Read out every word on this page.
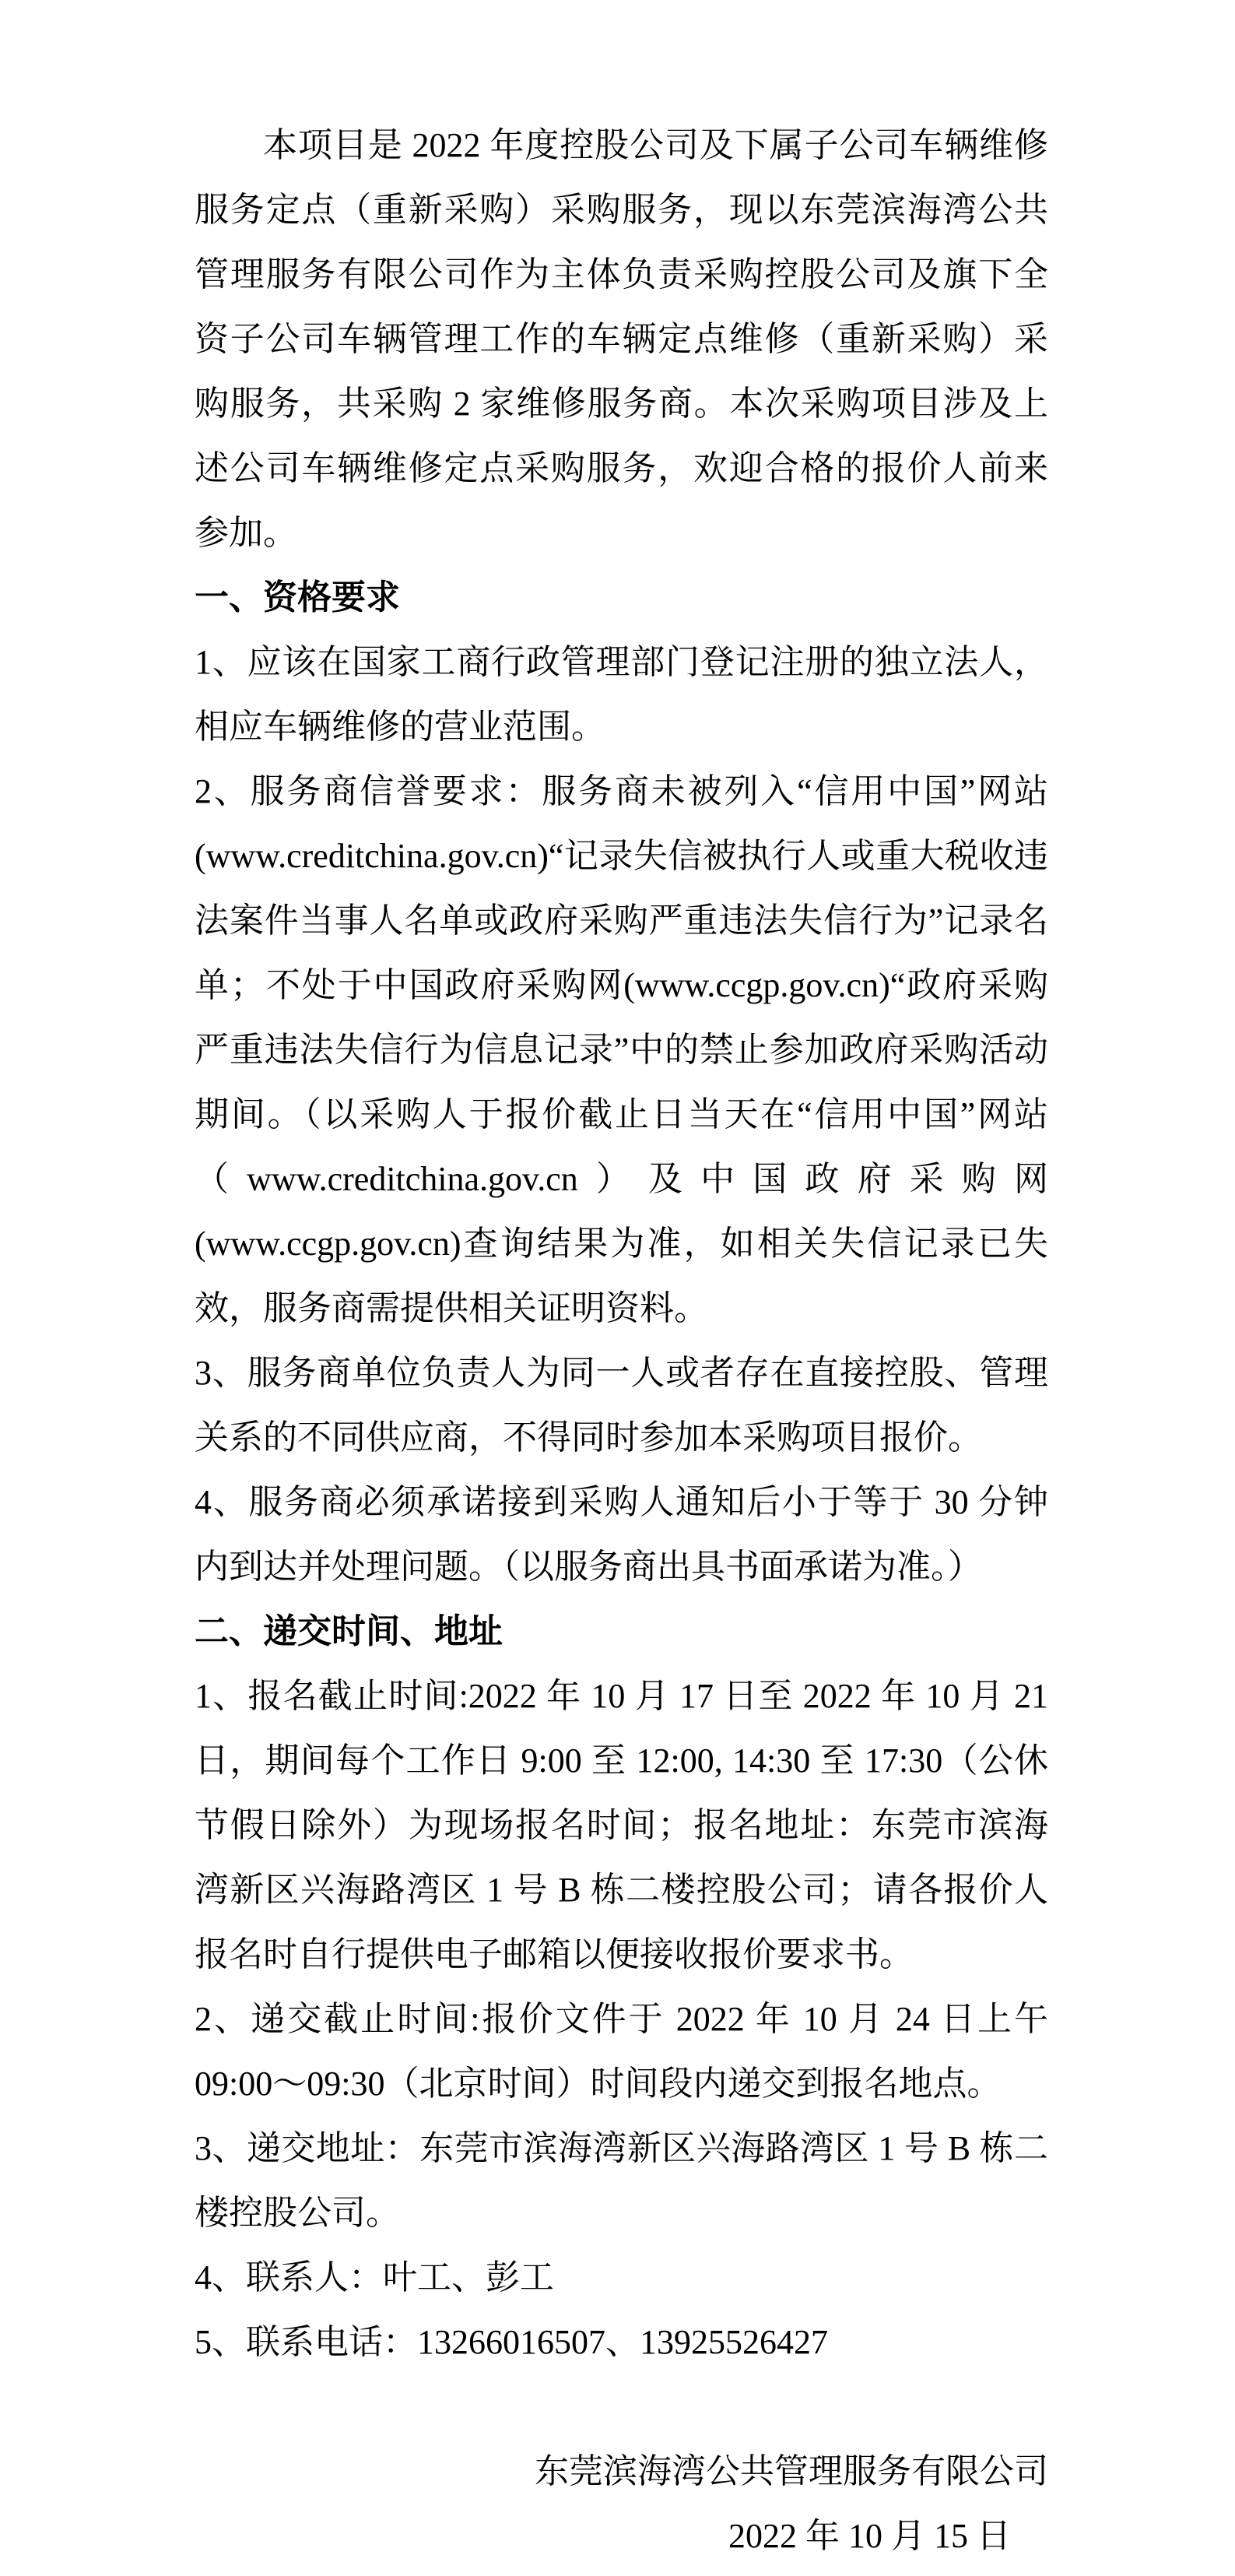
本项目是 2022 年度控股公司及下属子公司车辆维修服务定点（重新采购）采购服务，现以东莞滨海湾公共管理服务有限公司作为主体负责采购控股公司及旗下全资子公司车辆管理工作的车辆定点维修（重新采购）采购服务，共采购 2 家维修服务商。本次采购项目涉及上述公司车辆维修定点采购服务，欢迎合格的报价人前来参加。

一、资格要求

1、应该在国家工商行政管理部门登记注册的独立法人，相应车辆维修的营业范围。

2、服务商信誉要求：服务商未被列入“信用中国”网站(www.creditchina.gov.cn)“记录失信被执行人或重大税收违法案件当事人名单或政府采购严重违法失信行为”记录名单；不处于中国政府采购网(www.ccgp.gov.cn)“政府采购严重违法失信行为信息记录”中的禁止参加政府采购活动期间。（以采购人于报价截止日当天在“信用中国”网站（www.creditchina.gov.cn）及中国政府采购网(www.ccgp.gov.cn)查询结果为准，如相关失信记录已失效，服务商需提供相关证明资料。

3、服务商单位负责人为同一人或者存在直接控股、管理关系的不同供应商，不得同时参加本采购项目报价。

4、服务商必须承诺接到采购人通知后小于等于 30 分钟内到达并处理问题。（以服务商出具书面承诺为准。）

二、递交时间、地址

1、报名截止时间:2022 年 10 月 17 日至 2022 年 10 月 21 日，期间每个工作日 9:00 至 12:00, 14:30 至 17:30（公休节假日除外）为现场报名时间；报名地址：东莞市滨海湾新区兴海路湾区 1 号 B 栋二楼控股公司；请各报价人报名时自行提供电子邮箱以便接收报价要求书。

2、递交截止时间:报价文件于 2022 年 10 月 24 日上午09:00～09:30（北京时间）时间段内递交到报名地点。

3、递交地址：东莞市滨海湾新区兴海路湾区 1 号 B 栋二楼控股公司。

4、联系人：叶工、彭工

5、联系电话：13266016507、13925526427

东莞滨海湾公共管理服务有限公司

2022 年 10 月 15 日
